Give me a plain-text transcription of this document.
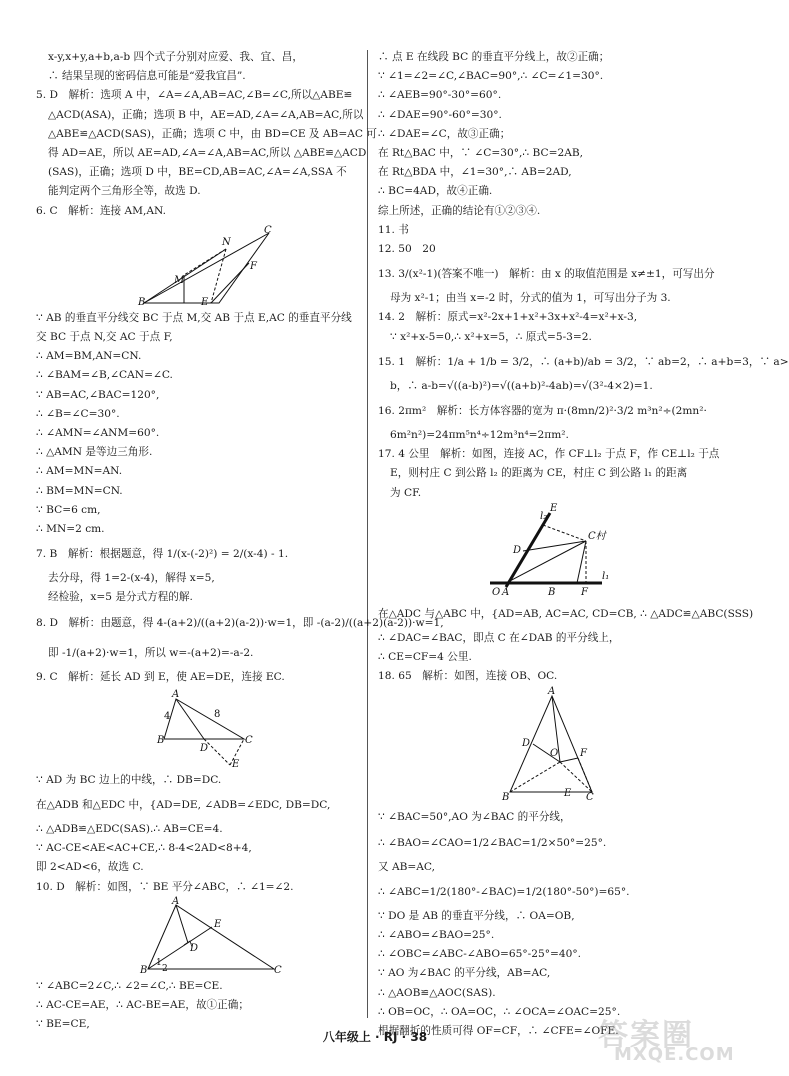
x-y,x+y,a+b,a-b 四个式子分别对应爱、我、宜、昌，
∴ 结果呈现的密码信息可能是“爱我宜昌”.
5. D　解析：选项 A 中，∠A=∠A,AB=AC,∠B=∠C,所以△ABE≌
△ACD(ASA)，正确；选项 B 中，AE=AD,∠A=∠A,AB=AC,所以
△ABE≌△ACD(SAS)，正确；选项 C 中，由 BD=CE 及 AB=AC 可
得 AD=AE，所以 AE=AD,∠A=∠A,AB=AC,所以 △ABE≌△ACD
(SAS)，正确；选项 D 中，BE=CD,AB=AC,∠A=∠A,SSA 不
能判定两个三角形全等，故选 D.
6. C　解析：连接 AM,AN.
B
M
N
C
F
E
∵ AB 的垂直平分线交 BC 于点 M,交 AB 于点 E,AC 的垂直平分线
交 BC 于点 N,交 AC 于点 F,
∴ AM=BM,AN=CN.
∴ ∠BAM=∠B,∠CAN=∠C.
∵ AB=AC,∠BAC=120°,
∴ ∠B=∠C=30°.
∴ ∠AMN=∠ANM=60°.
∴ △AMN 是等边三角形.
∴ AM=MN=AN.
∴ BM=MN=CN.
∵ BC=6 cm,
∴ MN=2 cm.
7. B　解析：根据题意，得 1/(x-(-2)²) = 2/(x-4) - 1.
去分母，得 1=2-(x-4)，解得 x=5,
经检验，x=5 是分式方程的解.
8. D　解析：由题意，得 4-(a+2)/((a+2)(a-2))·w=1，即 -(a-2)/((a+2)(a-2))·w=1,
即 -1/(a+2)·w=1，所以 w=-(a+2)=-a-2.
9. C　解析：延长 AD 到 E，使 AE=DE，连接 EC.
A
B
D
C
E
4	8
∵ AD 为 BC 边上的中线，∴ DB=DC.
在△ADB 和△EDC 中，{AD=DE, ∠ADB=∠EDC, DB=DC,
∴ △ADB≌△EDC(SAS).∴ AB=CE=4.
∵ AC-CE<AE<AC+CE,∴ 8-4<2AD<8+4,
即 2<AD<6，故选 C.
10. D　解析：如图，∵ BE 平分∠ABC，∴ ∠1=∠2.
A
B	C
E
D
1
2
∵ ∠ABC=2∠C,∴ ∠2=∠C,∴ BE=CE.
∴ AC-CE=AE，∴ AC-BE=AE，故①正确；
∵ BE=CE,
∴ 点 E 在线段 BC 的垂直平分线上，故②正确；
∵ ∠1=∠2=∠C,∠BAC=90°,∴ ∠C=∠1=30°.
∴ ∠AEB=90°-30°=60°.
∴ ∠DAE=90°-60°=30°.
∴ ∠DAE=∠C，故③正确；
在 Rt△BAC 中，∵ ∠C=30°,∴ BC=2AB,
在 Rt△BDA 中，∠1=30°,∴ AB=2AD,
∴ BC=4AD，故④正确.
综上所述，正确的结论有①②③④.
11. 书
12. 50　20
13. 3/(x²-1)(答案不唯一)　解析：由 x 的取值范围是 x≠±1，可写出分
母为 x²-1；由当 x=-2 时，分式的值为 1，可写出分子为 3.
14. 2　解析：原式=x²-2x+1+x²+3x+x²-4=x²+x-3,
∵ x²+x-5=0,∴ x²+x=5，∴ 原式=5-3=2.
15. 1　解析：1/a + 1/b = 3/2，∴ (a+b)/ab = 3/2，∵ ab=2，∴ a+b=3，∵ a>
b，∴ a-b=√((a-b)²)=√((a+b)²-4ab)=√(3²-4×2)=1.
16. 2πm²　解析：长方体容器的宽为 π·(8mn/2)²·3/2 m³n²÷(2mn²·
6m²n²)=24πm⁵n⁴÷12m³n⁴=2πm².
17. 4 公里　解析：如图，连接 AC，作 CF⊥l₂ 于点 F，作 CE⊥l₂ 于点
E，则村庄 C 到公路 l₂ 的距离为 CE，村庄 C 到公路 l₁ 的距离
为 CF.
l₂
E
C村
D
O A	B	F
l₁
在△ADC 与△ABC 中，{AD=AB, AC=AC, CD=CB, ∴ △ADC≌△ABC(SSS)
∴ ∠DAC=∠BAC，即点 C 在∠DAB 的平分线上，
∴ CE=CF=4 公里.
18. 65　解析：如图，连接 OB、OC.
A
D
O F
B	C
E
∵ ∠BAC=50°,AO 为∠BAC 的平分线，
∴ ∠BAO=∠CAO=1/2∠BAC=1/2×50°=25°.
又 AB=AC,
∴ ∠ABC=1/2(180°-∠BAC)=1/2(180°-50°)=65°.
∵ DO 是 AB 的垂直平分线，∴ OA=OB,
∴ ∠ABO=∠BAO=25°.
∴ ∠OBC=∠ABC-∠ABO=65°-25°=40°.
∵ AO 为∠BAC 的平分线，AB=AC,
∴ △AOB≌△AOC(SAS).
∴ OB=OC，∴ OA=OC，∴ ∠OCA=∠OAC=25°.
根据翻折的性质可得 OF=CF，∴ ∠CFE=∠OFE.
八年级上 · RJ · 38	答案圈
MXQE.COM
